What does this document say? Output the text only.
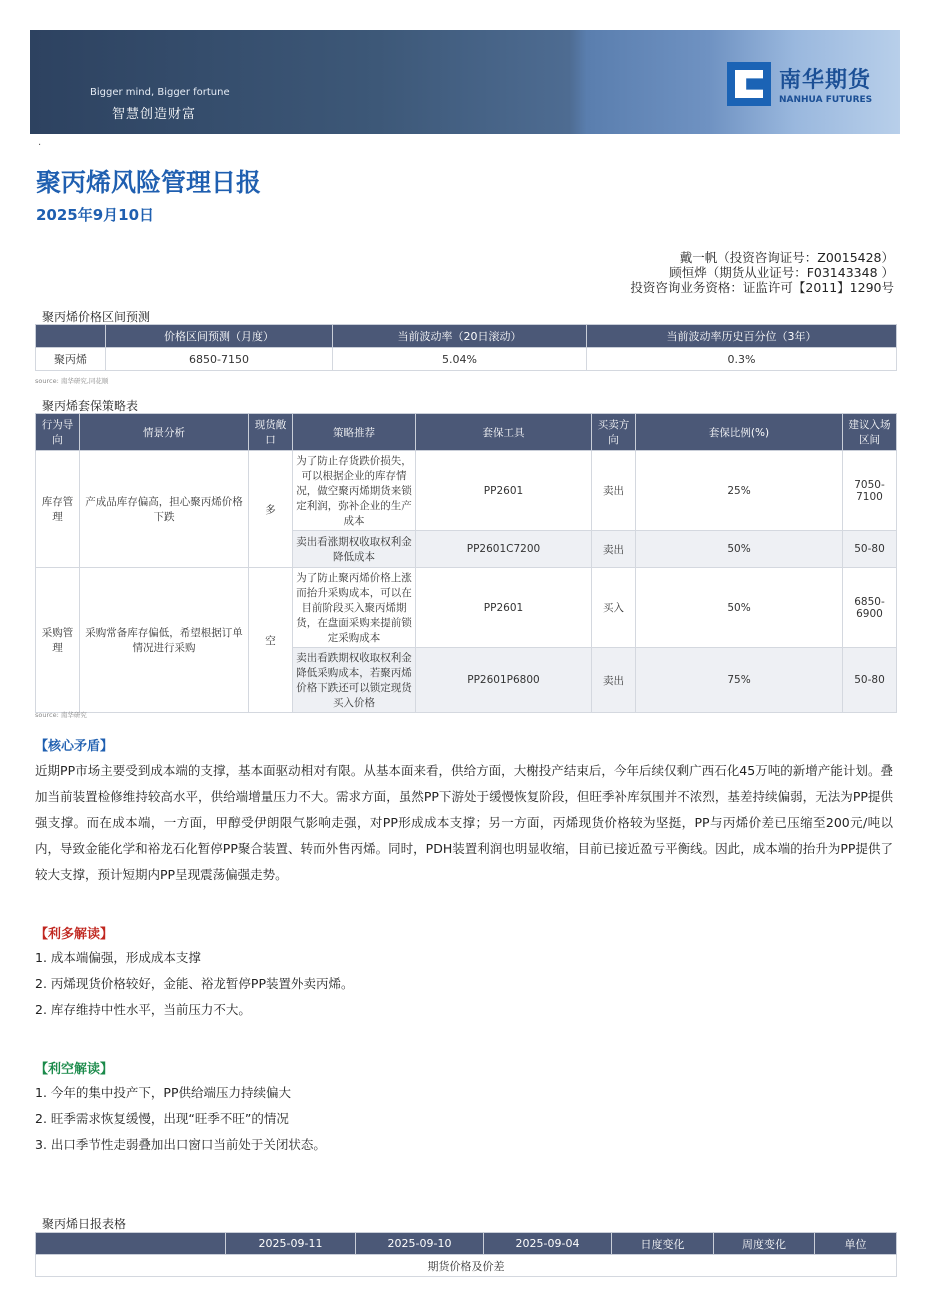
Bigger mind, Bigger fortune
智慧创造财富
南华期货
NANHUA FUTURES
·
聚丙烯风险管理日报
2025年9月10日
戴一帆（投资咨询证号：Z0015428）
顾恒烨（期货从业证号：F03143348 ）
投资咨询业务资格：证监许可【2011】1290号
聚丙烯价格区间预测
	价格区间预测（月度）	当前波动率（20日滚动）	当前波动率历史百分位（3年）
聚丙烯	6850-7150	5.04%	0.3%
source: 南华研究,同花顺
聚丙烯套保策略表
行为导向	情景分析	现货敞口	策略推荐	套保工具	买卖方向	套保比例(%)	建议入场区间
库存管理	产成品库存偏高，担心聚丙烯价格下跌	多	为了防止存货跌价损失，可以根据企业的库存情况，做空聚丙烯期货来锁定利润，弥补企业的生产成本	PP2601	卖出	25%	7050-7100
			卖出看涨期权收取权利金降低成本	PP2601C7200	卖出	50%	50-80
采购管理	采购常备库存偏低，希望根据订单情况进行采购	空	为了防止聚丙烯价格上涨而抬升采购成本，可以在目前阶段买入聚丙烯期货，在盘面采购来提前锁定采购成本	PP2601	买入	50%	6850-6900
			卖出看跌期权收取权利金降低采购成本，若聚丙烯价格下跌还可以锁定现货买入价格	PP2601P6800	卖出	75%	50-80
source: 南华研究
【核心矛盾】
近期PP市场主要受到成本端的支撑，基本面驱动相对有限。从基本面来看，供给方面，大榭投产结束后，今年后续仅剩广西石化45万吨的新增产能计划。叠加当前装置检修维持较高水平，供给端增量压力不大。需求方面，虽然PP下游处于缓慢恢复阶段，但旺季补库氛围并不浓烈，基差持续偏弱，无法为PP提供强支撑。而在成本端，一方面，甲醇受伊朗限气影响走强，对PP形成成本支撑；另一方面，丙烯现货价格较为坚挺，PP与丙烯价差已压缩至200元/吨以内，导致金能化学和裕龙石化暂停PP聚合装置、转而外售丙烯。同时，PDH装置利润也明显收缩，目前已接近盈亏平衡线。因此，成本端的抬升为PP提供了较大支撑，预计短期内PP呈现震荡偏强走势。
【利多解读】
1. 成本端偏强，形成成本支撑
2. 丙烯现货价格较好，金能、裕龙暂停PP装置外卖丙烯。
2. 库存维持中性水平，当前压力不大。
【利空解读】
1. 今年的集中投产下，PP供给端压力持续偏大
2. 旺季需求恢复缓慢，出现“旺季不旺”的情况
3. 出口季节性走弱叠加出口窗口当前处于关闭状态。
聚丙烯日报表格
	2025-09-11	2025-09-10	2025-09-04	日度变化	周度变化	单位
期货价格及价差
